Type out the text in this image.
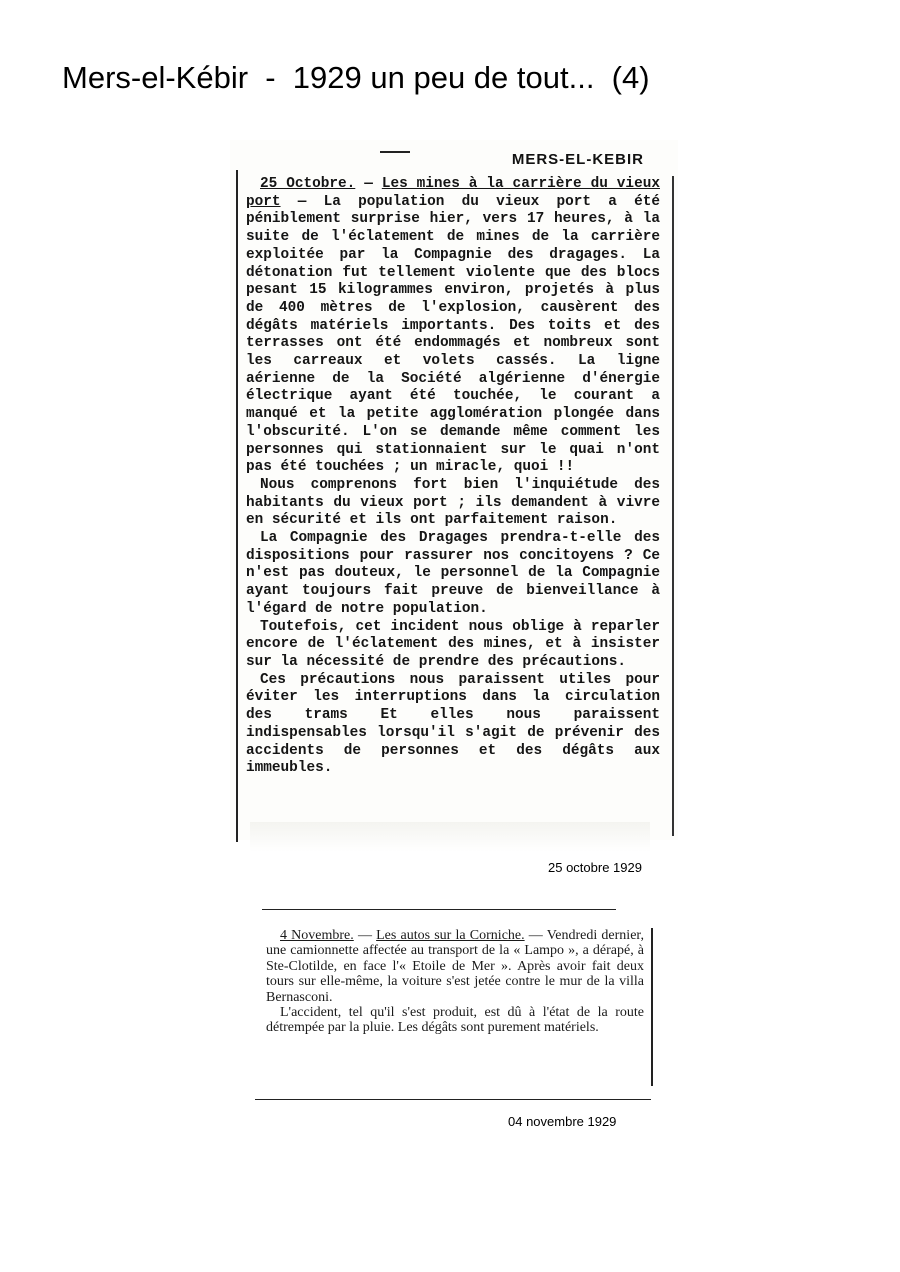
Mers-el-Kébir  -  1929 un peu de tout...  (4)
MERS-EL-KEBIR

25 Octobre. — Les mines à la carrière du vieux port — La population du vieux port a été péniblement surprise hier, vers 17 heures, à la suite de l'éclatement de mines de la carrière exploitée par la Compagnie des dragages. La détonation fut tellement violente que des blocs pesant 15 kilogrammes environ, projetés à plus de 400 mètres de l'explosion, causèrent des dégâts matériels importants. Des toits et des terrasses ont été endommagés et nombreux sont les carreaux et volets cassés. La ligne aérienne de la Société algérienne d'énergie électrique ayant été touchée, le courant a manqué et la petite agglomération plongée dans l'obscurité. L'on se demande même comment les personnes qui stationnaient sur le quai n'ont pas été touchées ; un miracle, quoi !!

Nous comprenons fort bien l'inquiétude des habitants du vieux port ; ils demandent à vivre en sécurité et ils ont parfaitement raison.

La Compagnie des Dragages prendra-t-elle des dispositions pour rassurer nos concitoyens ? Ce n'est pas douteux, le personnel de la Compagnie ayant toujours fait preuve de bienveillance à l'égard de notre population.

Toutefois, cet incident nous oblige à reparler encore de l'éclatement des mines, et à insister sur la nécessité de prendre des précautions.

Ces précautions nous paraissent utiles pour éviter les interruptions dans la circulation des trams Et elles nous paraissent indispensables lorsqu'il s'agit de prévenir des accidents de personnes et des dégâts aux immeubles.

25 octobre 1929

4 Novembre. — Les autos sur la Corniche. — Vendredi dernier, une camionnette affectée au transport de la « Lampo », a dérapé, à Ste-Clotilde, en face l'« Etoile de Mer ». Après avoir fait deux tours sur elle-même, la voiture s'est jetée contre le mur de la villa Bernasconi.

L'accident, tel qu'il s'est produit, est dû à l'état de la route détrempée par la pluie. Les dégâts sont purement matériels.

04 novembre 1929
